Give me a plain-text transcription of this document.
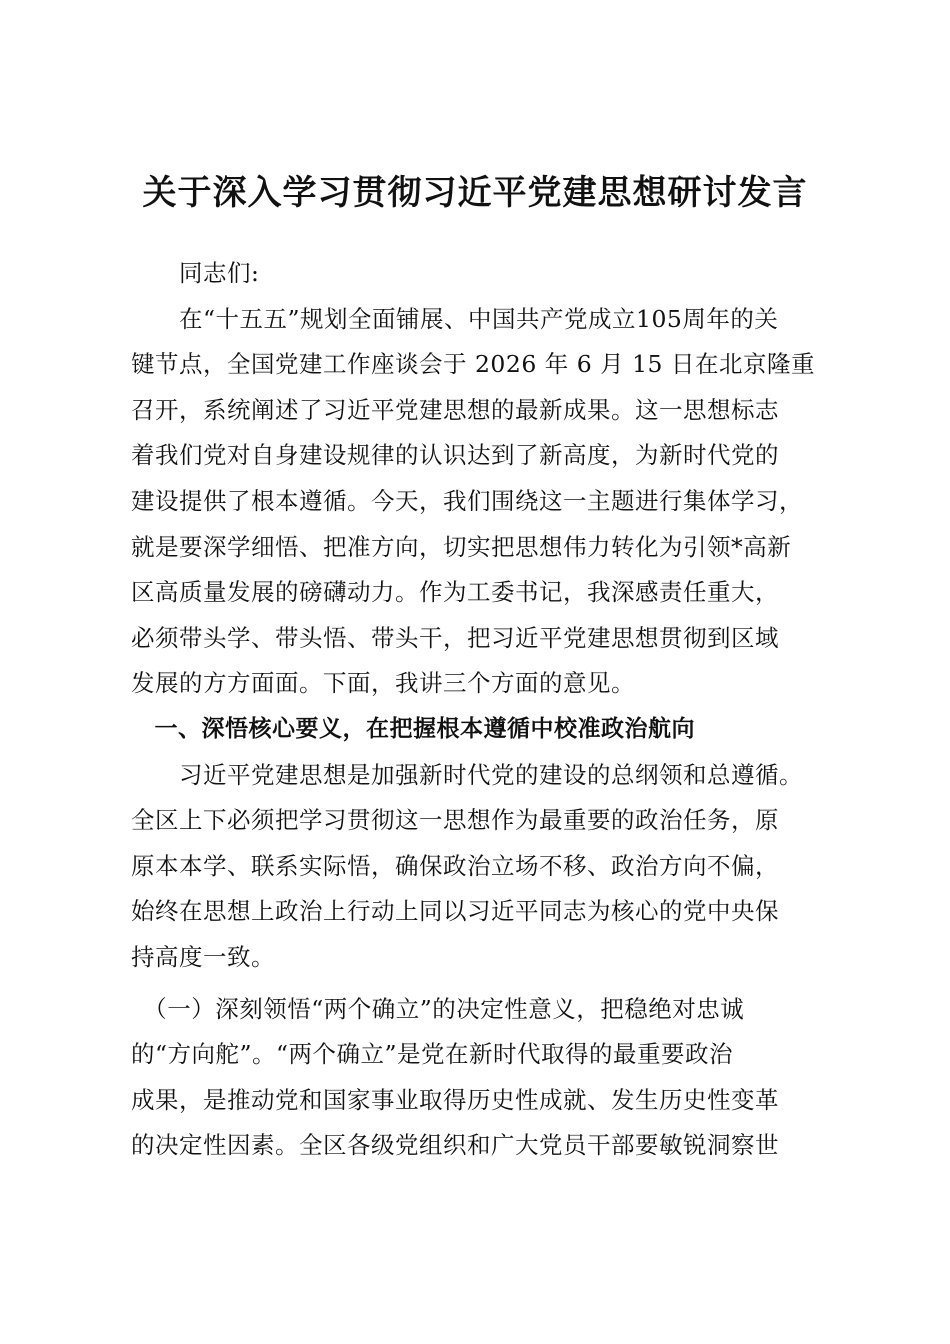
关于深入学习贯彻习近平党建思想研讨发言
　　同志们:
　　在“十五五”规划全面铺展、中国共产党成立105周年的关
键节点，全国党建工作座谈会于 2026 年 6 月 15 日在北京隆重
召开，系统阐述了习近平党建思想的最新成果。这一思想标志
着我们党对自身建设规律的认识达到了新高度，为新时代党的
建设提供了根本遵循。今天，我们围绕这一主题进行集体学习，
就是要深学细悟、把准方向，切实把思想伟力转化为引领*高新
区高质量发展的磅礴动力。作为工委书记，我深感责任重大，
必须带头学、带头悟、带头干，把习近平党建思想贯彻到区域
发展的方方面面。下面，我讲三个方面的意见。
　一、深悟核心要义，在把握根本遵循中校准政治航向
　　习近平党建思想是加强新时代党的建设的总纲领和总遵循。
全区上下必须把学习贯彻这一思想作为最重要的政治任务，原
原本本学、联系实际悟，确保政治立场不移、政治方向不偏，
始终在思想上政治上行动上同以习近平同志为核心的党中央保
持高度一致。
　（一）深刻领悟“两个确立”的决定性意义，把稳绝对忠诚
的“方向舵”。“两个确立”是党在新时代取得的最重要政治
成果，是推动党和国家事业取得历史性成就、发生历史性变革
的决定性因素。全区各级党组织和广大党员干部要敏锐洞察世
